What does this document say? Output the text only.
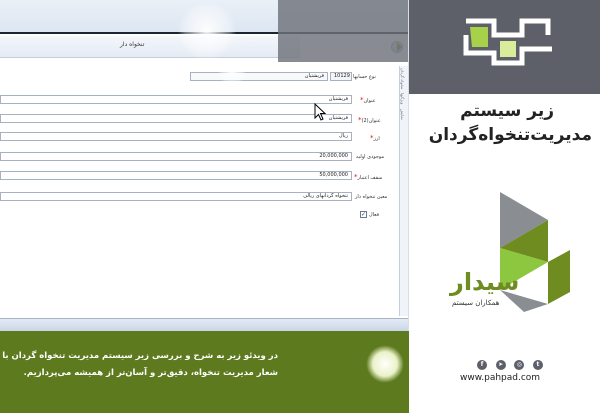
تنخواه دار
نوع حسابها
10129
فریشتیان
عنوان*
فریشتیان
عنوان(2)*
فریشتیان
ارز*
ریال
موجودی اولیه
20,000,000
سقف اعتبار*
50,000,000
معین تنخواه دار
تنخواه گردانهای ریالی
فعال
✓
تنخواه گردان
ویژگیها
نمایش	زیر سیستم
مدیریت‌تنخواه‌گردان
سیدار
همکاران سیستم
f	➤	◎	t
www.pahpad.com
